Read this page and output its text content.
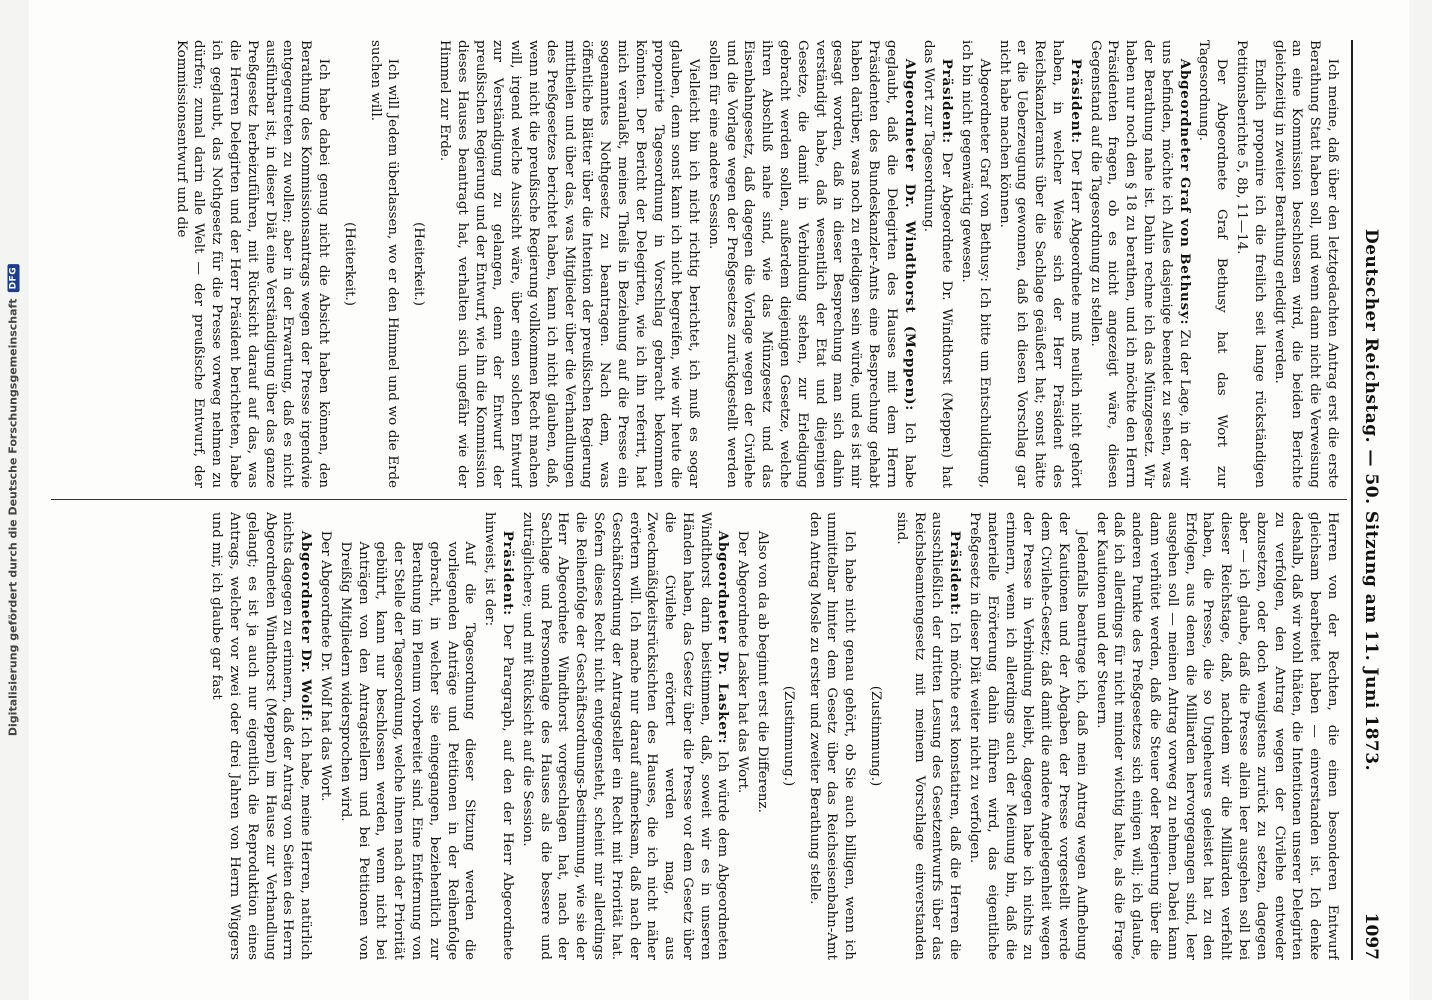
Deutscher Reichstag. — 50. Sitzung am 11. Juni 1873.
1097

Ich meine, daß über den letztgedachten Antrag erst die erste Berathung Statt haben soll, und wenn dann nicht die Verweisung an eine Kommission beschlossen wird, die beiden Berichte gleichzeitig in zweiter Berathung erledigt werden.

Endlich proponire ich die freilich seit lange rückständigen Petitionsberichte 5, 8b, 11—14.

Der Abgeordnete Graf Bethusy hat das Wort zur Tagesordnung.

Abgeordneter Graf von Bethusy: Zu der Lage, in der wir uns befinden, möchte ich Alles dasjenige beendet zu sehen, was der Berathung nahe ist. Dahin rechne ich das Münzgesetz. Wir haben nur noch den § 18 zu berathen, und ich möchte den Herrn Präsidenten fragen, ob es nicht angezeigt wäre, diesen Gegenstand auf die Tagesordnung zu stellen.

Präsident: Der Herr Abgeordnete muß neulich nicht gehört haben, in welcher Weise sich der Herr Präsident des Reichskanzleramts über die Sachlage geäußert hat; sonst hätte er die Ueberzeugung gewonnen, daß ich diesen Vorschlag gar nicht habe machen können.

Abgeordneter Graf von Bethusy: Ich bitte um Entschuldigung, ich bin nicht gegenwärtig gewesen.

Präsident: Der Abgeordnete Dr. Windthorst (Meppen) hat das Wort zur Tagesordnung.

Abgeordneter Dr. Windthorst (Meppen): Ich habe geglaubt, daß die Delegirten des Hauses mit dem Herrn Präsidenten des Bundeskanzler-Amts eine Besprechung gehabt haben darüber, was noch zu erledigen sein würde, und es ist mir gesagt worden, daß in dieser Besprechung man sich dahin verständigt habe, daß wesentlich der Etat und diejenigen Gesetze, die damit in Verbindung stehen, zur Erledigung gebracht werden sollen, außerdem diejenigen Gesetze, welche ihren Abschluß nahe sind, wie das Münzgesetz und das Eisenbahngesetz, daß dagegen die Vorlage wegen der Civilehe und die Vorlage wegen der Preßgesetzes zurückgestellt werden sollen für eine andere Session.

Vielleicht bin ich nicht richtig berichtet, ich muß es sogar glauben, denn sonst kann ich nicht begreifen, wie wir heute die proponirte Tagesordnung in Vorschlag gebracht bekommen könnten. Der Bericht der Delegirten, wie ich ihn referirt, hat mich veranlaßt, meines Theils in Beziehung auf die Presse ein sogenanntes Nothgesetz zu beantragen. Nach dem, was öffentliche Blätter über die Intention der preußischen Regierung mittheilen und über das, was Mitglieder über die Verhandlungen des Preßgesetzes berichtet haben, kann ich nicht glauben, daß, wenn nicht die preußische Regierung vollkommen Recht machen will, irgend welche Aussicht wäre, über einen solchen Entwurf zur Verständigung zu gelangen, denn der Entwurf der preußischen Regierung und der Entwurf, wie ihn die Kommission dieses Hauses beantragt hat, verhalten sich ungefähr wie der Himmel zur Erde.

(Heiterkeit.)

Ich will Jedem überlassen, wo er den Himmel und wo die Erde suchen will.

(Heiterkeit.)

Ich habe dabei genug nicht die Absicht haben können, den Berathung des Kommissionsantrags wegen der Presse irgendwie entgegentreten zu wollen; aber in der Erwartung, daß es nicht ausführbar ist, in dieser Diät eine Verständigung über das ganze Preßgesetz herbeizuführen, mit Rücksicht darauf auf das, was die Herren Delegirten und der Herr Präsident berichteten, habe ich geglaubt, das Nothgesetz für die Presse vorweg nehmen zu dürfen; zumal darin alle Welt — der preußische Entwurf, der Kommissionsentwurf und die

Herren von der Rechten, die einen besonderen Entwurf gleichsam bearbeitet haben — einverstanden ist. Ich denke deshalb, daß wir wohl thäten, die Intentionen unserer Delegirten zu verfolgen, den Antrag wegen der Civilehe entweder abzusetzen, oder doch wenigstens zurück zu setzen, dagegen aber — ich glaube, daß die Presse allein leer ausgehen soll bei dieser Reichstage, daß, nachdem wir die Milliarden verfehlt haben, die Presse, die so Ungeheures geleistet hat zu den Erfolgen, aus denen die Milliarden hervorgegangen sind, leer ausgehen soll — meinen Antrag vorweg zu nehmen. Dabei kann dann verhütet werden, daß die Steuer oder Regierung über die anderen Punkte des Preßgesetzes sich einigen will; ich glaube, daß ich allerdings für nicht minder wichtig halte, als die Frage der Kautionen und der Steuern.

Jedenfalls beantrage ich, daß mein Antrag wegen Aufhebung der Kautionen und der Abgaben der Presse vorgestellt werde dem Civilehe-Gesetz; daß damit die andere Angelegenheit wegen der Presse in Verbindung bleibt, dagegen habe ich nichts zu erinnern, wenn ich allerdings auch der Meinung bin, daß die materielle Erörterung dahin führen wird, das eigentliche Preßgesetz in dieser Diät weiter nicht zu verfolgen.

Präsident: Ich möchte erst konstatiren, daß die Herren die ausschließlich der dritten Lesung des Gesetzentwurfs über das Reichsbeamtengesetz mit meinem Vorschlage einverstanden sind.

(Zustimmung.)

Ich habe nicht genau gehört, ob Sie auch billigen, wenn ich unmittelbar hinter dem Gesetz über das Reichseisenbahn-Amt den Antrag Mosle zu erster und zweiter Berathung stelle.

(Zustimmung.)

Also von da ab beginnt erst die Differenz.

Der Abgeordnete Lasker hat das Wort.

Abgeordneter Dr. Lasker: Ich würde dem Abgeordneten Windthorst darin beistimmen, daß, soweit wir es in unseren Händen haben, das Gesetz über die Presse vor dem Gesetz über die Civilehe erörtert werden mag, aus Zweckmäßigkeitsrücksichten des Hauses, die ich nicht näher erörtern will. Ich mache nur darauf aufmerksam, daß nach der Geschäftsordnung der Antragsteller ein Recht mit Priorität hat. Sofern dieses Recht nicht entgegensteht, scheint mir allerdings die Reihenfolge der Geschäftsordnungs-Bestimmung, wie sie der Herr Abgeordnete Windthorst vorgeschlagen hat, nach der Sachlage und Personenlage des Hauses als die bessere und zuträglichere; und mit Rücksicht auf die Session.

Präsident: Der Paragraph, auf den der Herr Abgeordnete hinweist, ist der:

Auf die Tagesordnung dieser Sitzung werden die vorliegenden Anträge und Petitionen in der Reihenfolge gebracht, in welcher sie eingegangen, beziehentlich zur Berathung im Plenum vorbereitet sind. Eine Entfernung von der Stelle der Tagesordnung, welche ihnen nach der Priorität gebührt, kann nur beschlossen werden, wenn nicht bei Anträgen von den Antragstellern und bei Petitionen von Dreißig Mitgliedern widersprochen wird.

Der Abgeordnete Dr. Wolf hat das Wort.

Abgeordneter Dr. Wolf: Ich habe, meine Herren, natürlich nichts dagegen zu erinnern, daß der Antrag von Seiten des Herrn Abgeordneten Windthorst (Meppen) im Hause zur Verhandlung gelangt; es ist ja auch nur eigentlich die Reproduktion eines Antrags, welcher vor zwei oder drei Jahren von Herrn Wiggers und mir, ich glaube gar fast

Digitalisierung gefördert durch die Deutsche Forschungsgemeinschaft
DFG
